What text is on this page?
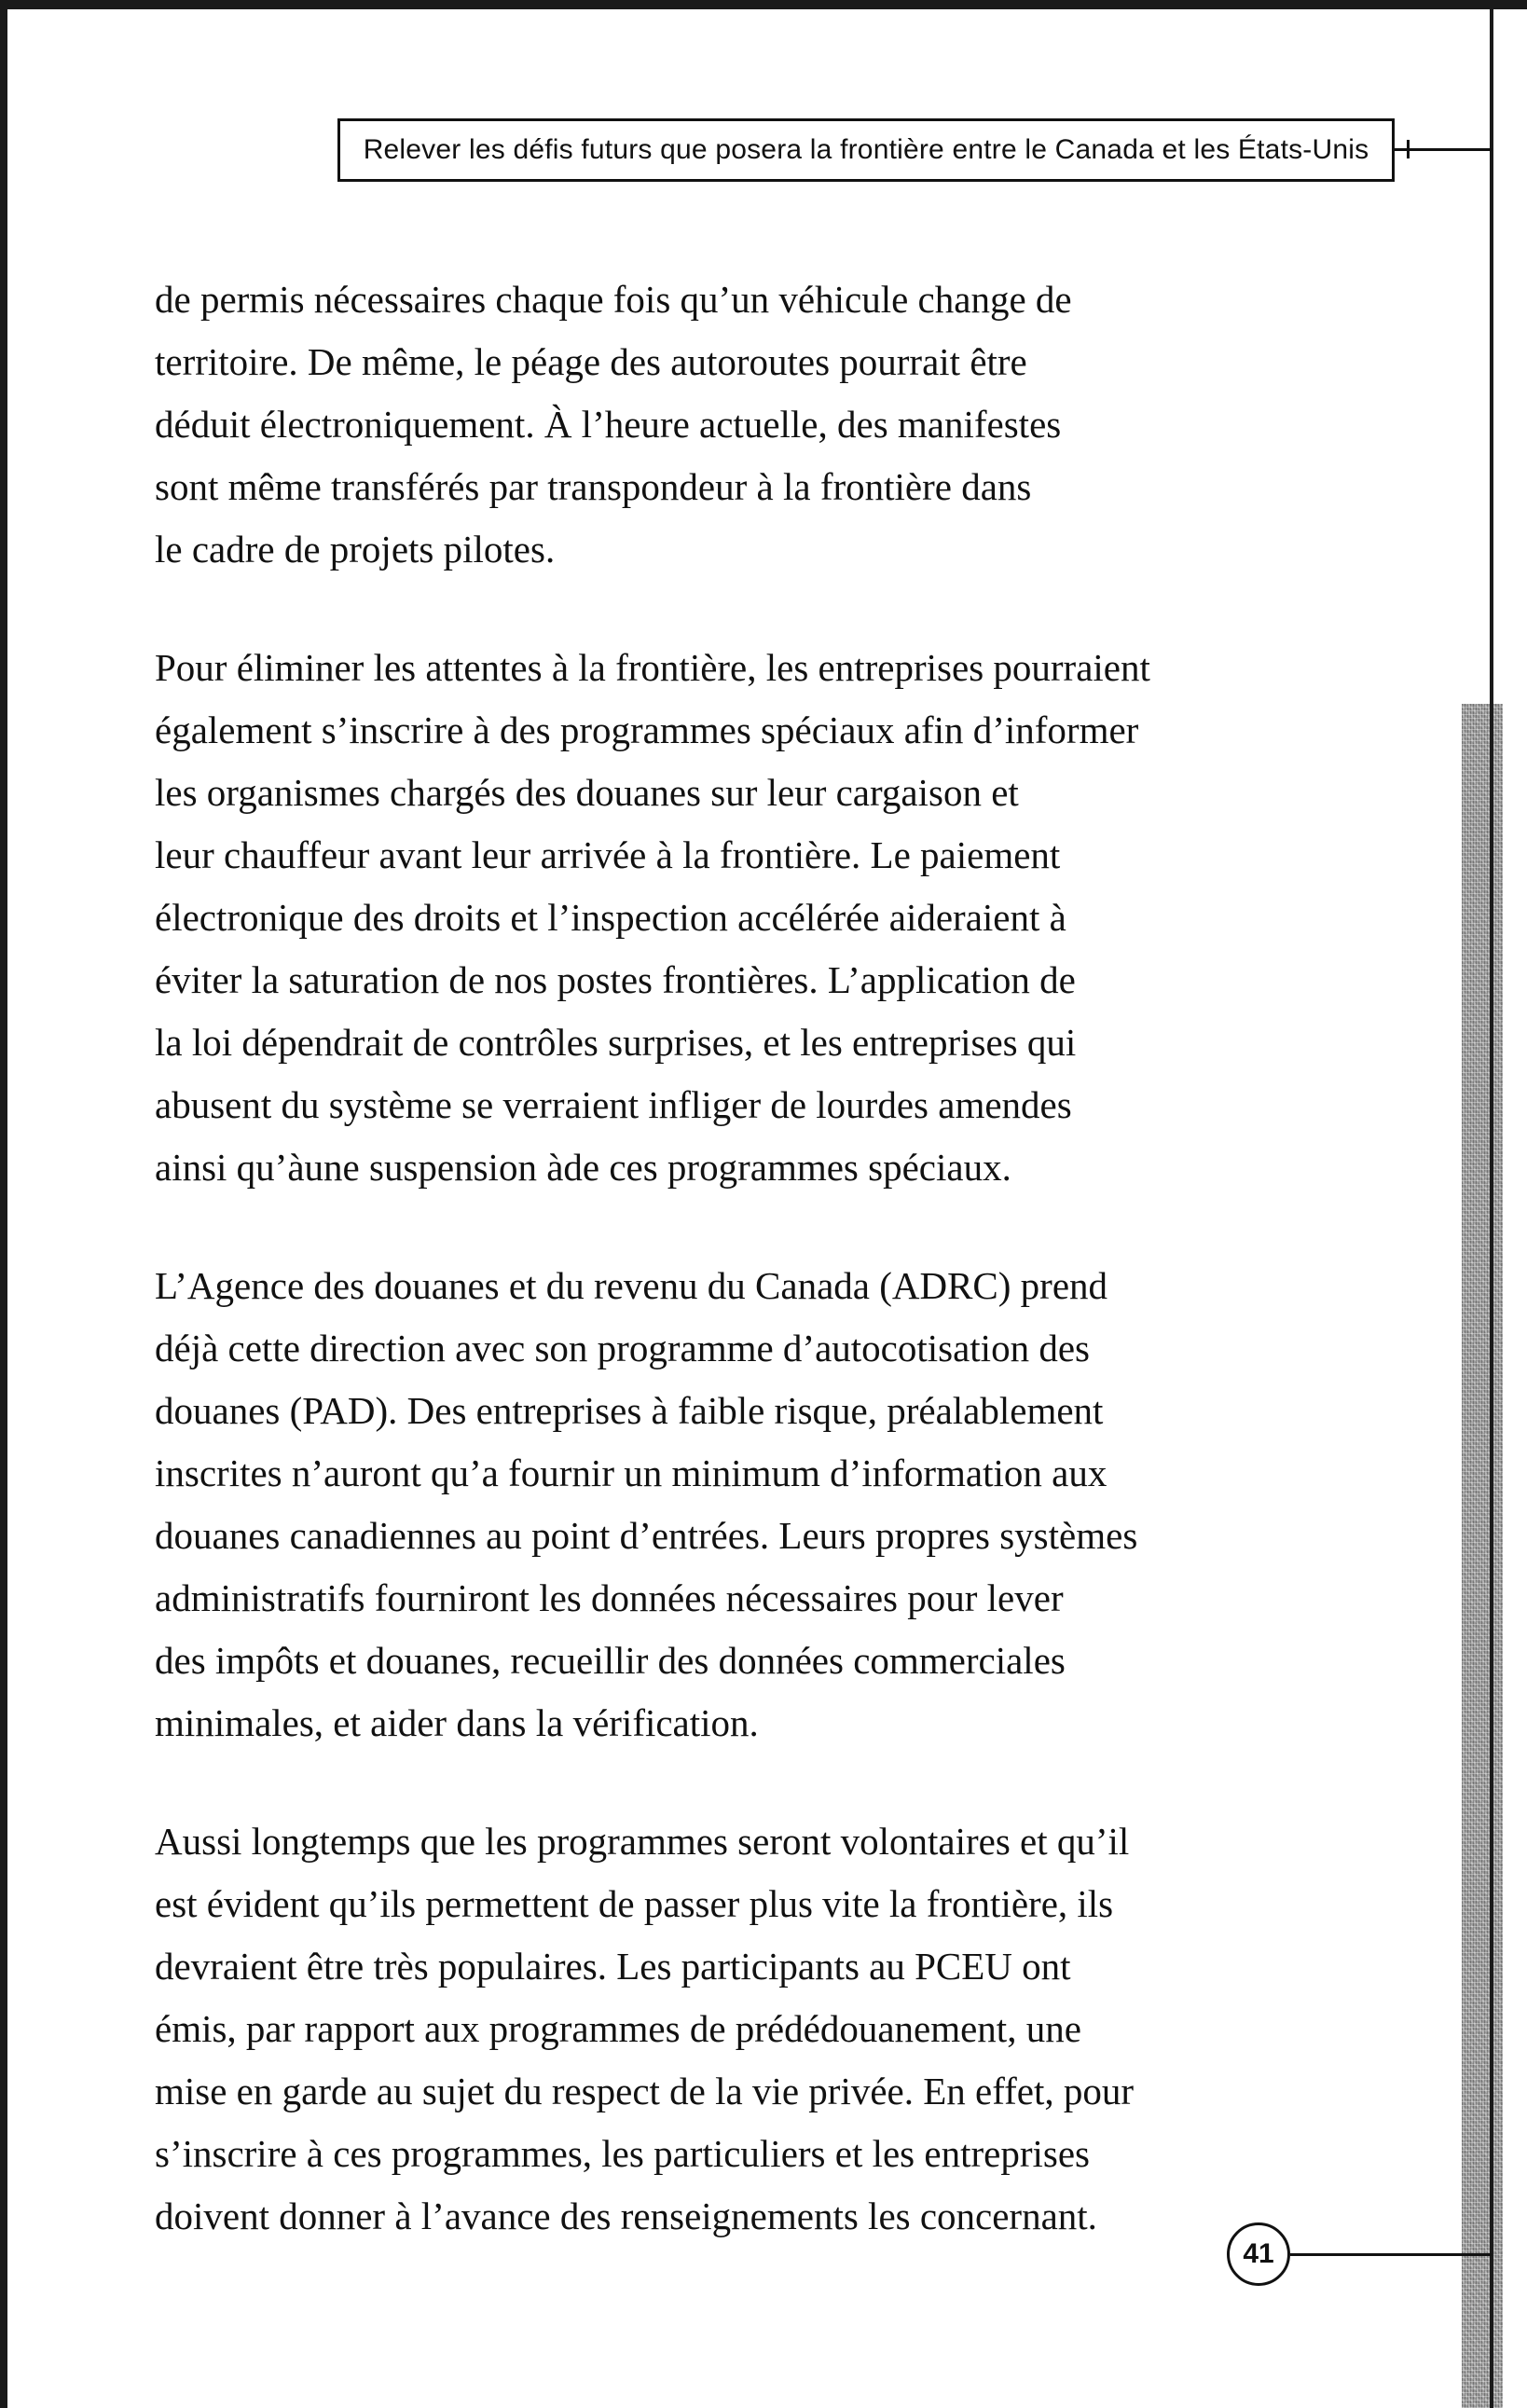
Relever les défis futurs que posera la frontière entre le Canada et les États-Unis
de permis nécessaires chaque fois qu’un véhicule change de
territoire. De même, le péage des autoroutes pourrait être
déduit électroniquement. À l’heure actuelle, des manifestes
sont même transférés par transpondeur à la frontière dans
le cadre de projets pilotes.
Pour éliminer les attentes à la frontière, les entreprises pourraient
également s’inscrire à des programmes spéciaux afin d’informer
les organismes chargés des douanes sur leur cargaison et
leur chauffeur avant leur arrivée à la frontière. Le paiement
électronique des droits et l’inspection accélérée aideraient à
éviter la saturation de nos postes frontières. L’application de
la loi dépendrait de contrôles surprises, et les entreprises qui
abusent du système se verraient infliger de lourdes amendes
ainsi qu’àune suspension àde ces programmes spéciaux.
L’Agence des douanes et du revenu du Canada (ADRC) prend
déjà cette direction avec son programme d’autocotisation des
douanes (PAD). Des entreprises à faible risque, préalablement
inscrites n’auront qu’a fournir un minimum d’information aux
douanes canadiennes au point d’entrées. Leurs propres systèmes
administratifs fourniront les données nécessaires pour lever
des impôts et douanes, recueillir des données commerciales
minimales, et aider dans la vérification.
Aussi longtemps que les programmes seront volontaires et qu’il
est évident qu’ils permettent de passer plus vite la frontière, ils
devraient être très populaires. Les participants au PCEU ont
émis, par rapport aux programmes de prédédouanement, une
mise en garde au sujet du respect de la vie privée. En effet, pour
s’inscrire à ces programmes, les particuliers et les entreprises
doivent donner à l’avance des renseignements les concernant.
41
